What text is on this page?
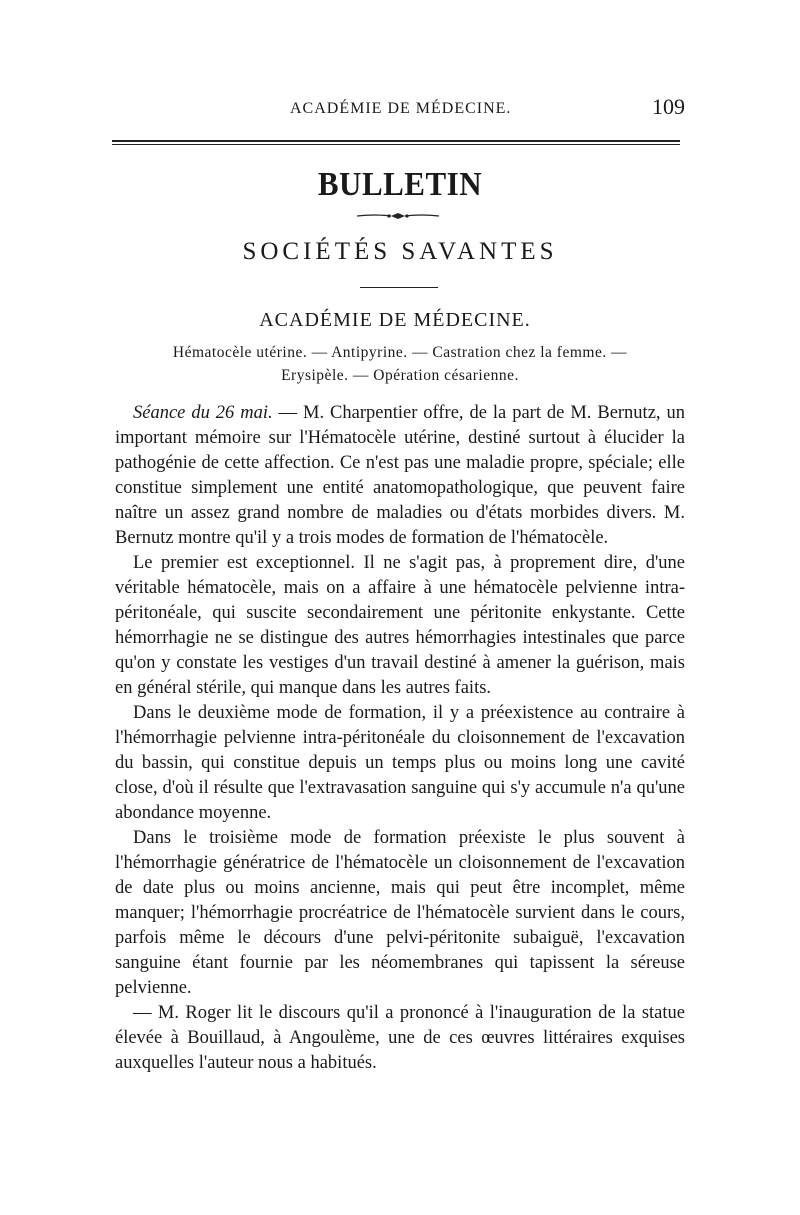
ACADÉMIE DE MÉDECINE.	109
BULLETIN
SOCIÉTÉS SAVANTES
ACADÉMIE DE MÉDECINE.
Hématocèle utérine. — Antipyrine. — Castration chez la femme. —
Erysipèle. — Opération césarienne.

Séance du 26 mai. — M. Charpentier offre, de la part de M. Bernutz, un important mémoire sur l'Hématocèle utérine, destiné surtout à élucider la pathogénie de cette affection. Ce n'est pas une maladie propre, spéciale; elle constitue simplement une entité anatomopathologique, que peuvent faire naître un assez grand nombre de maladies ou d'états morbides divers. M. Bernutz montre qu'il y a trois modes de formation de l'hématocèle.

Le premier est exceptionnel. Il ne s'agit pas, à proprement dire, d'une véritable hématocèle, mais on a affaire à une hématocèle pelvienne intra-péritonéale, qui suscite secondairement une péritonite enkystante. Cette hémorrhagie ne se distingue des autres hémorrhagies intestinales que parce qu'on y constate les vestiges d'un travail destiné à amener la guérison, mais en général stérile, qui manque dans les autres faits.

Dans le deuxième mode de formation, il y a préexistence au contraire à l'hémorrhagie pelvienne intra-péritonéale du cloisonnement de l'excavation du bassin, qui constitue depuis un temps plus ou moins long une cavité close, d'où il résulte que l'extravasation sanguine qui s'y accumule n'a qu'une abondance moyenne.

Dans le troisième mode de formation préexiste le plus souvent à l'hémorrhagie génératrice de l'hématocèle un cloisonnement de l'excavation de date plus ou moins ancienne, mais qui peut être incomplet, même manquer; l'hémorrhagie procréatrice de l'hématocèle survient dans le cours, parfois même le décours d'une pelvi-péritonite subaiguë, l'excavation sanguine étant fournie par les néomembranes qui tapissent la séreuse pelvienne.

— M. Roger lit le discours qu'il a prononcé à l'inauguration de la statue élevée à Bouillaud, à Angoulème, une de ces œuvres littéraires exquises auxquelles l'auteur nous a habitués.
